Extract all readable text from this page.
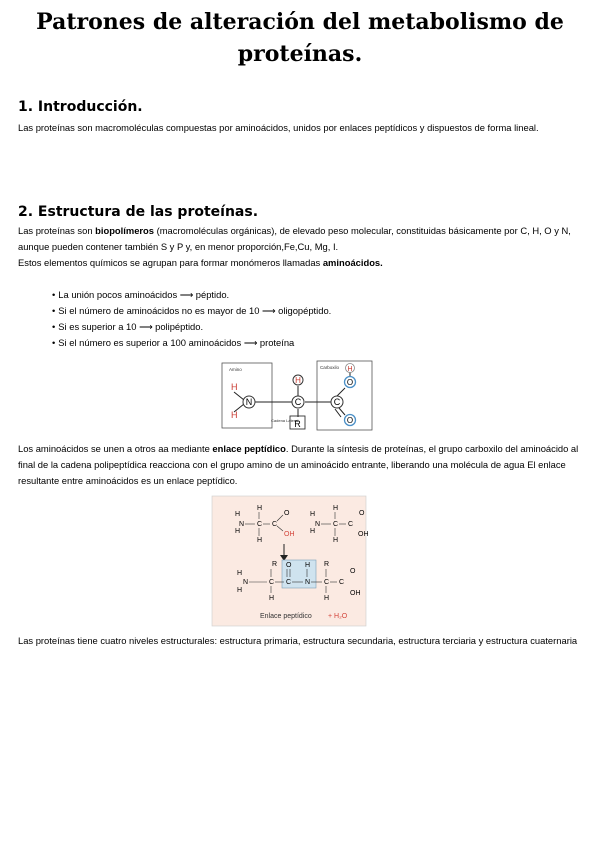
Patrones de alteración del metabolismo de proteínas.
1. Introducción.
Las proteínas son macromoléculas compuestas por aminoácidos, unidos por enlaces peptídicos y dispuestos de forma lineal.
2. Estructura de las proteínas.
Las proteínas son biopolímeros (macromoléculas orgánicas), de elevado peso molecular, constituidas básicamente por C, H, O y N, aunque pueden contener también S y P y, en menor proporción,Fe,Cu, Mg, I.
Estos elementos químicos se agrupan para formar monómeros llamadas aminoácidos.
• La unión pocos aminoácidos ⟶ péptido.
• Si el número de aminoácidos no es mayor de 10 ⟶ oligopéptido.
• Si es superior a 10 ⟶ polipéptido.
• Si el número es superior a 100 aminoácidos ⟶ proteína
Amino	Carboxilo
Cadena Lateral
N	C	C
H
H
H
O
O
H
R
Los aminoácidos se unen a otros aa mediante enlace peptídico. Durante la síntesis de proteínas, el grupo carboxilo del aminoácido al final de la cadena polipeptídica reacciona con el grupo amino de un aminoácido entrante, liberando una molécula de agua El enlace resultante entre aminoácidos es un enlace peptídico.
H
H
N
H
C
H
C
O
OH
H
H
N
H
C
H
C
O
OH
R O H
H
H
N	C C N C C
O
OH
H
R
H
Enlace peptídico + H₂O
Las proteínas tiene cuatro niveles estructurales: estructura primaria, estructura secundaria, estructura terciaria y estructura cuaternaria
